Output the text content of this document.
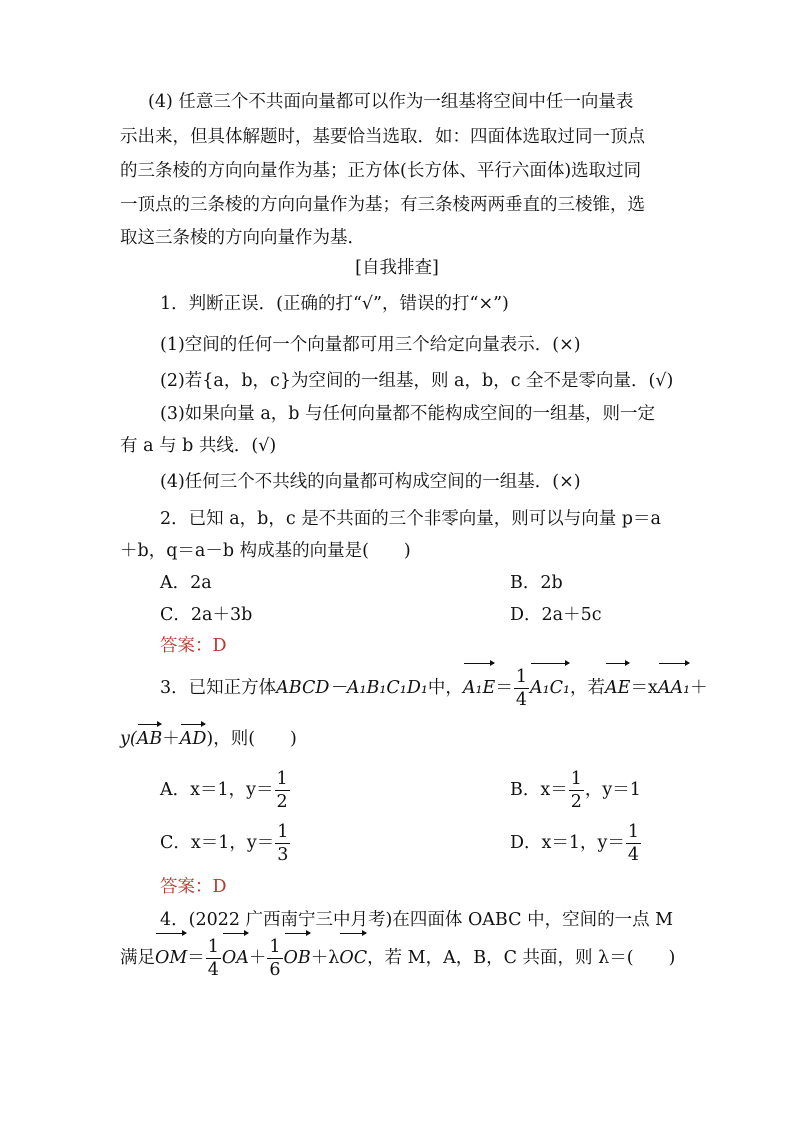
(4) 任意三个不共面向量都可以作为一组基将空间中任一向量表
示出来，但具体解题时，基要恰当选取．如：四面体选取过同一顶点
的三条棱的方向向量作为基；正方体(长方体、平行六面体)选取过同
一顶点的三条棱的方向向量作为基；有三条棱两两垂直的三棱锥，选
取这三条棱的方向向量作为基．
[自我排查]
1．判断正误．(正确的打“√”，错误的打“×”)
(1)空间的任何一个向量都可用三个给定向量表示．(×)
(2)若{a，b，c}为空间的一组基，则 a，b，c 全不是零向量．(√)
(3)如果向量 a，b 与任何向量都不能构成空间的一组基，则一定
有 a 与 b 共线．(√)
(4)任何三个不共线的向量都可构成空间的一组基．(×)
2．已知 a，b，c 是不共面的三个非零向量，则可以与向量 p＝a
＋b，q＝a－b 构成基的向量是(　　)
A．2a	B．2b
C．2a＋3b	D．2a＋5c
答案：D
3．已知正方体ABCD－A₁B₁C₁D₁中，$A_1E= \frac{1}{4} A_1C_1$，若AE＝xAA₁＋
y(AB＋AD)，则(　　)
A．x＝1，$y= \frac{1}{2}$	B．$x= \frac{1}{2}$ ，y＝1
C．x＝1，$y= \frac{1}{3}$	D．x＝1，$y= \frac{1}{4}$
答案：D
4．(2022 广西南宁三中月考)在四面体 OABC 中，空间的一点 M
满足$OM= \frac{1}{4} OA+ \frac{1}{6} OB+\lambda OC$，若 M，A，B，C 共面，则 λ＝(　　)
